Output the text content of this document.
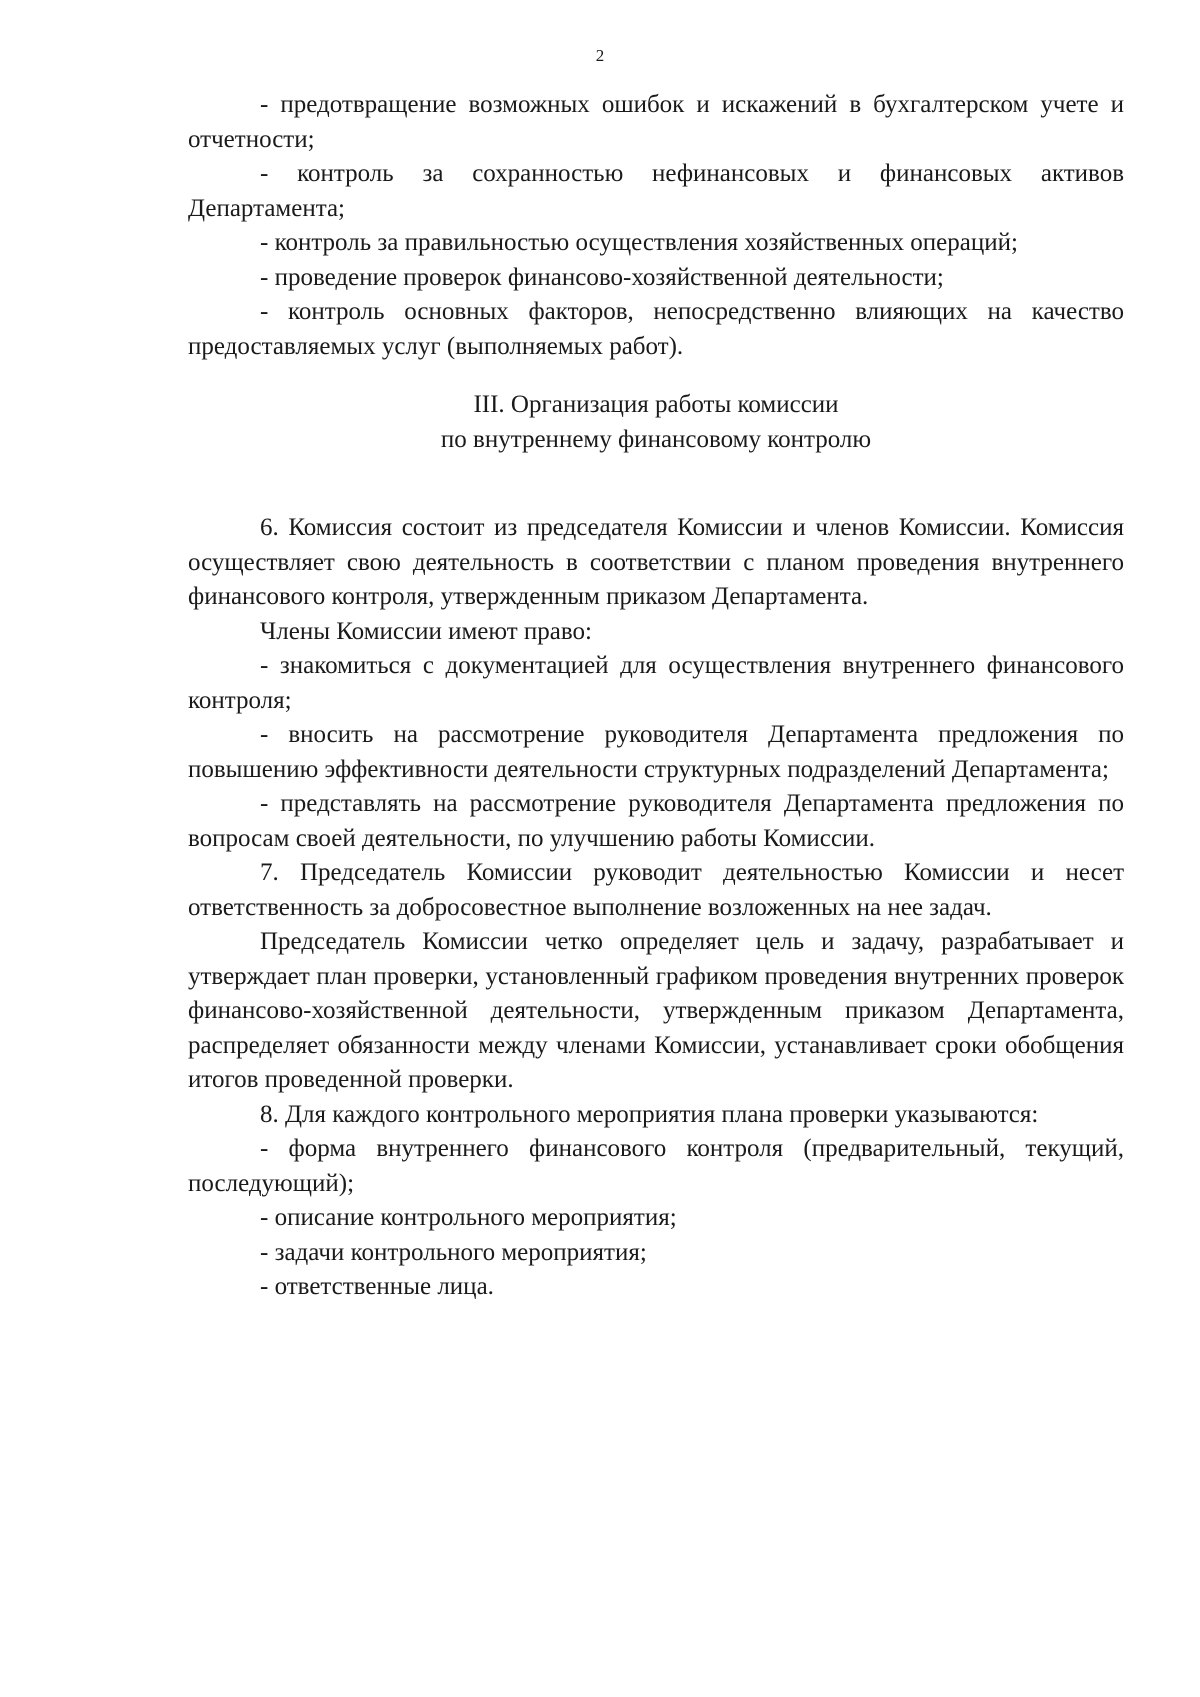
2

- предотвращение возможных ошибок и искажений в бухгалтерском учете и отчетности;

- контроль за сохранностью нефинансовых и финансовых активов Департамента;

- контроль за правильностью осуществления хозяйственных операций;

- проведение проверок финансово-хозяйственной деятельности;

- контроль основных факторов, непосредственно влияющих на качество предоставляемых услуг (выполняемых работ).

III. Организация работы комиссии
по внутреннему финансовому контролю

6. Комиссия состоит из председателя Комиссии и членов Комиссии. Комиссия осуществляет свою деятельность в соответствии с планом проведения внутреннего финансового контроля, утвержденным приказом Департамента.

Члены Комиссии имеют право:

- знакомиться с документацией для осуществления внутреннего финансового контроля;

- вносить на рассмотрение руководителя Департамента предложения по повышению эффективности деятельности структурных подразделений Департамента;

- представлять на рассмотрение руководителя Департамента предложения по вопросам своей деятельности, по улучшению работы Комиссии.

7. Председатель Комиссии руководит деятельностью Комиссии и несет ответственность за добросовестное выполнение возложенных на нее задач.

Председатель Комиссии четко определяет цель и задачу, разрабатывает и утверждает план проверки, установленный графиком проведения внутренних проверок финансово-хозяйственной деятельности, утвержденным приказом Департамента, распределяет обязанности между членами Комиссии, устанавливает сроки обобщения итогов проведенной проверки.

8. Для каждого контрольного мероприятия плана проверки указываются:

- форма внутреннего финансового контроля (предварительный, текущий, последующий);

- описание контрольного мероприятия;

- задачи контрольного мероприятия;

- ответственные лица.
